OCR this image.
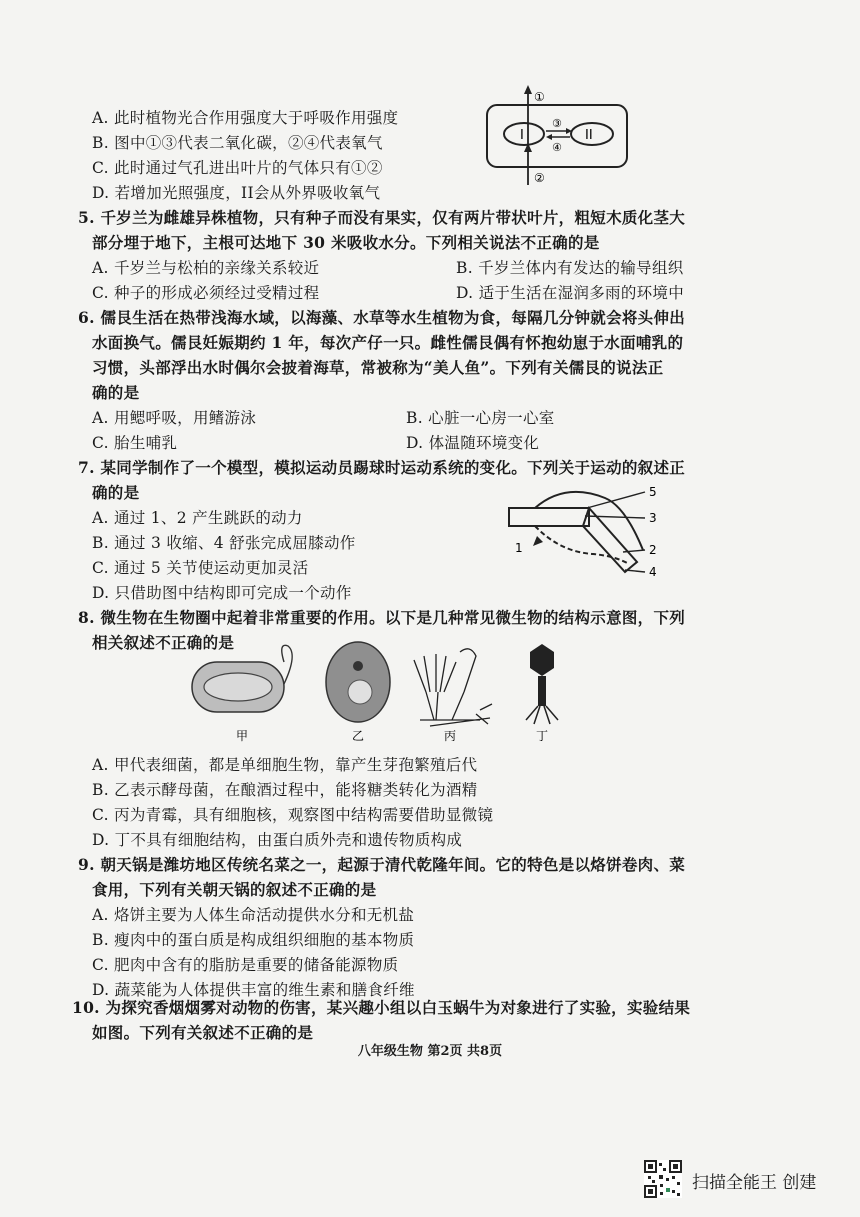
A. 此时植物光合作用强度大于呼吸作用强度
B. 图中①③代表二氧化碳，②④代表氧气
C. 此时通过气孔进出叶片的气体只有①②
D. 若增加光照强度，II会从外界吸收氧气
①
②
③
④
I	II
5. 千岁兰为雌雄异株植物，只有种子而没有果实，仅有两片带状叶片，粗短木质化茎大
部分埋于地下，主根可达地下 30 米吸收水分。下列相关说法不正确的是
A. 千岁兰与松柏的亲缘关系较近	B. 千岁兰体内有发达的输导组织
C. 种子的形成必须经过受精过程	D. 适于生活在湿润多雨的环境中
6. 儒艮生活在热带浅海水域，以海藻、水草等水生植物为食，每隔几分钟就会将头伸出
水面换气。儒艮妊娠期约 1 年，每次产仔一只。雌性儒艮偶有怀抱幼崽于水面哺乳的
习惯，头部浮出水时偶尔会披着海草，常被称为“美人鱼”。下列有关儒艮的说法正
确的是
A. 用鳃呼吸，用鳍游泳	B. 心脏一心房一心室
C. 胎生哺乳	D. 体温随环境变化
7. 某同学制作了一个模型，模拟运动员踢球时运动系统的变化。下列关于运动的叙述正
确的是
A. 通过 1、2 产生跳跃的动力
B. 通过 3 收缩、4 舒张完成屈膝动作
C. 通过 5 关节使运动更加灵活
D. 只借助图中结构即可完成一个动作
5
3
2
4
1
8. 微生物在生物圈中起着非常重要的作用。以下是几种常见微生物的结构示意图，下列
相关叙述不正确的是
甲	乙	丙	丁
A. 甲代表细菌，都是单细胞生物，靠产生芽孢繁殖后代
B. 乙表示酵母菌，在酿酒过程中，能将糖类转化为酒精
C. 丙为青霉，具有细胞核，观察图中结构需要借助显微镜
D. 丁不具有细胞结构，由蛋白质外壳和遗传物质构成
9. 朝天锅是潍坊地区传统名菜之一，起源于清代乾隆年间。它的特色是以烙饼卷肉、菜
食用，下列有关朝天锅的叙述不正确的是
A. 烙饼主要为人体生命活动提供水分和无机盐
B. 瘦肉中的蛋白质是构成组织细胞的基本物质
C. 肥肉中含有的脂肪是重要的储备能源物质
D. 蔬菜能为人体提供丰富的维生素和膳食纤维
10. 为探究香烟烟雾对动物的伤害，某兴趣小组以白玉蜗牛为对象进行了实验，实验结果
如图。下列有关叙述不正确的是
八年级生物 第2页 共8页
扫描全能王 创建
